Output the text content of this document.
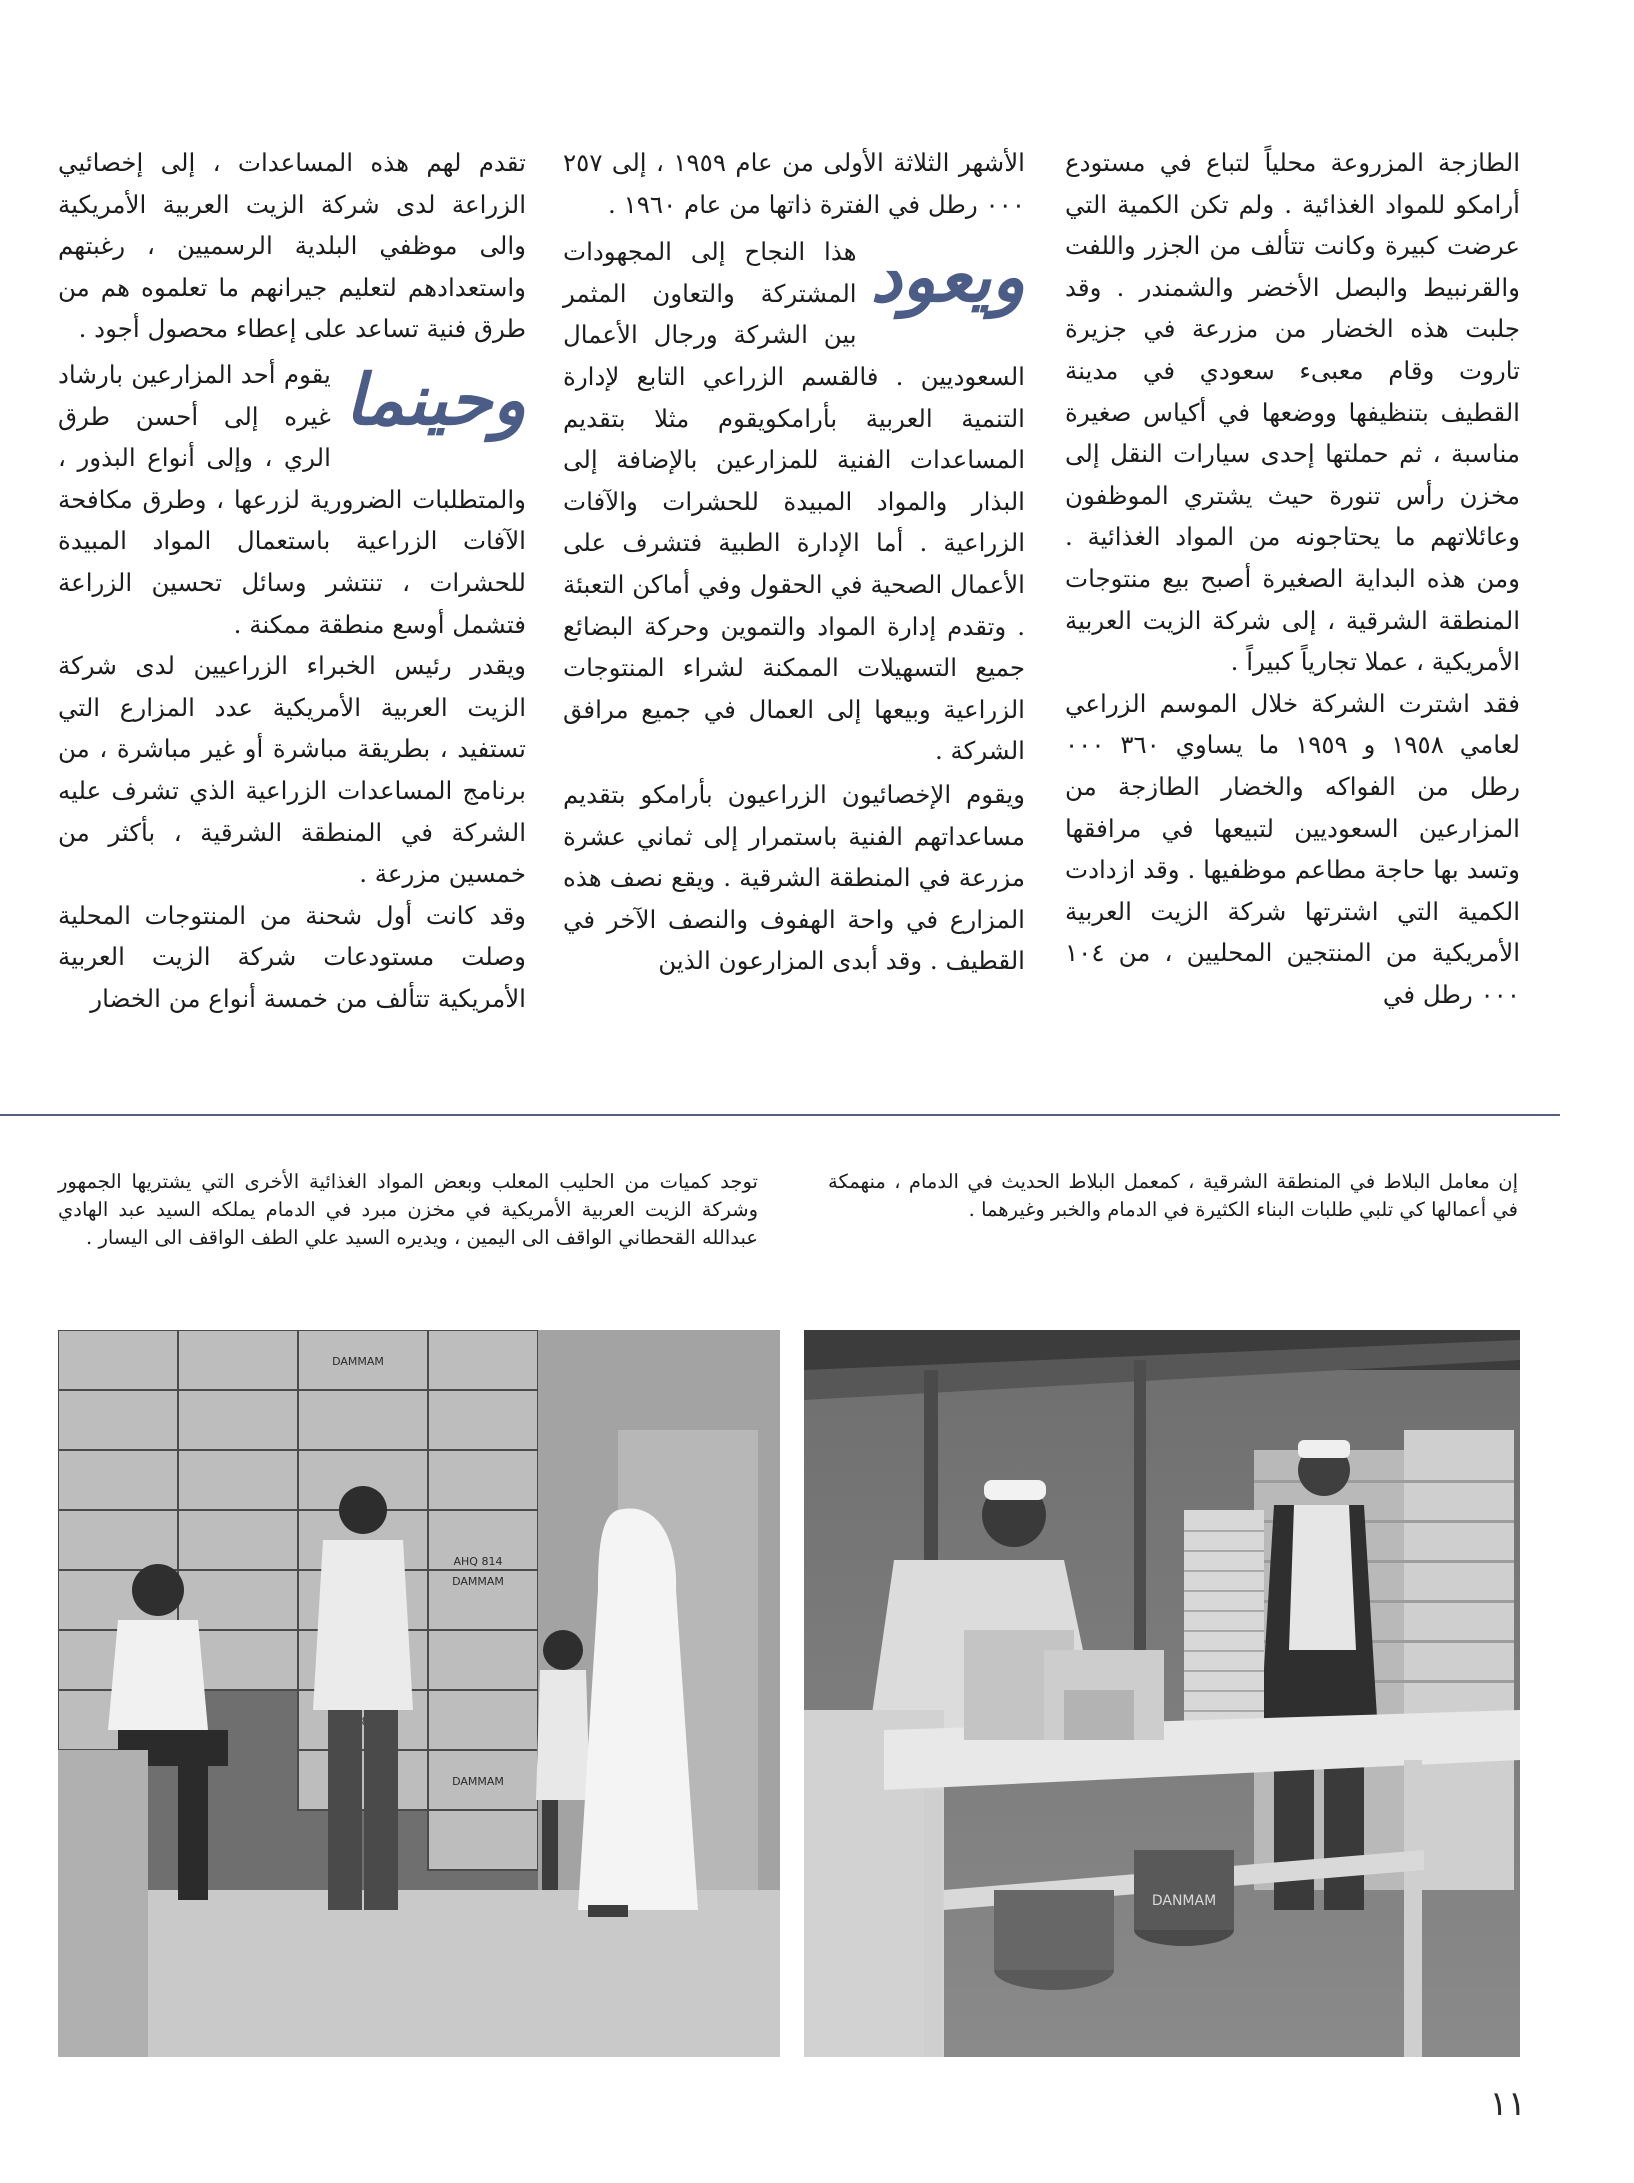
الطازجة المزروعة محلياً لتباع في مستودع أرامكو للمواد الغذائية . ولم تكن الكمية التي عرضت كبيرة وكانت تتألف من الجزر واللفت والقرنبيط والبصل الأخضر والشمندر . وقد جلبت هذه الخضار من مزرعة في جزيرة تاروت وقام معبىء سعودي في مدينة القطيف بتنظيفها ووضعها في أكياس صغيرة مناسبة ، ثم حملتها إحدى سيارات النقل إلى مخزن رأس تنورة حيث يشتري الموظفون وعائلاتهم ما يحتاجونه من المواد الغذائية . ومن هذه البداية الصغيرة أصبح بيع منتوجات المنطقة الشرقية ، إلى شركة الزيت العربية الأمريكية ، عملا تجارياً كبيراً .

فقد اشترت الشركة خلال الموسم الزراعي لعامي ١٩٥٨ و ١٩٥٩ ما يساوي ٣٦٠ ٠٠٠ رطل من الفواكه والخضار الطازجة من المزارعين السعوديين لتبيعها في مرافقها وتسد بها حاجة مطاعم موظفيها . وقد ازدادت الكمية التي اشترتها شركة الزيت العربية الأمريكية من المنتجين المحليين ، من ١٠٤ ٠٠٠ رطل في

الأشهر الثلاثة الأولى من عام ١٩٥٩ ، إلى ٢٥٧ ٠٠٠ رطل في الفترة ذاتها من عام ١٩٦٠ .

ويعود
هذا النجاح إلى المجهودات المشتركة والتعاون المثمر بين الشركة ورجال الأعمال السعوديين . فالقسم الزراعي التابع لإدارة التنمية العربية بأرامكويقوم مثلا بتقديم المساعدات الفنية للمزارعين بالإضافة إلى البذار والمواد المبيدة للحشرات والآفات الزراعية . أما الإدارة الطبية فتشرف على الأعمال الصحية في الحقول وفي أماكن التعبئة . وتقدم إدارة المواد والتموين وحركة البضائع جميع التسهيلات الممكنة لشراء المنتوجات الزراعية وبيعها إلى العمال في جميع مرافق الشركة .

ويقوم الإخصائيون الزراعيون بأرامكو بتقديم مساعداتهم الفنية باستمرار إلى ثماني عشرة مزرعة في المنطقة الشرقية . ويقع نصف هذه المزارع في واحة الهفوف والنصف الآخر في القطيف . وقد أبدى المزارعون الذين

تقدم لهم هذه المساعدات ، إلى إخصائيي الزراعة لدى شركة الزيت العربية الأمريكية والى موظفي البلدية الرسميين ، رغبتهم واستعدادهم لتعليم جيرانهم ما تعلموه هم من طرق فنية تساعد على إعطاء محصول أجود .

وحينما
يقوم أحد المزارعين بارشاد غيره إلى أحسن طرق الري ، وإلى أنواع البذور ، والمتطلبات الضرورية لزرعها ، وطرق مكافحة الآفات الزراعية باستعمال المواد المبيدة للحشرات ، تنتشر وسائل تحسين الزراعة فتشمل أوسع منطقة ممكنة .

ويقدر رئيس الخبراء الزراعيين لدى شركة الزيت العربية الأمريكية عدد المزارع التي تستفيد ، بطريقة مباشرة أو غير مباشرة ، من برنامج المساعدات الزراعية الذي تشرف عليه الشركة في المنطقة الشرقية ، بأكثر من خمسين مزرعة .

وقد كانت أول شحنة من المنتوجات المحلية وصلت مستودعات شركة الزيت العربية الأمريكية تتألف من خمسة أنواع من الخضار

إن معامل البلاط في المنطقة الشرقية ، كمعمل البلاط الحديث في الدمام ، منهمكة في أعمالها كي تلبي طلبات البناء الكثيرة في الدمام والخبر وغيرهما .
توجد كميات من الحليب المعلب وبعض المواد الغذائية الأخرى التي يشتريها الجمهور وشركة الزيت العربية الأمريكية في مخزن مبرد في الدمام يملكه السيد عبد الهادي عبدالله القحطاني الواقف الى اليمين ، ويديره السيد علي الطف الواقف الى اليسار .
DANMAM
AHQ 814
DAMMAM
DAMMAM
DAMMAM
١١
